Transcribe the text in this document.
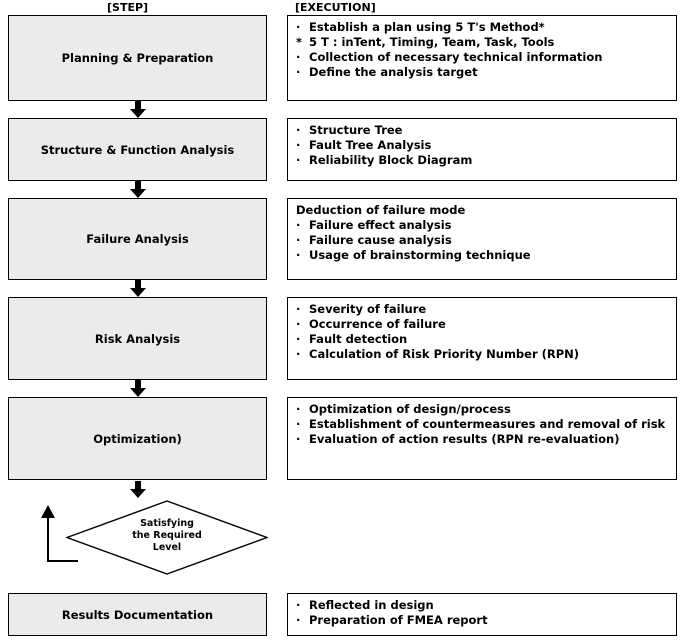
[STEP]	[EXECUTION]
Planning & Preparation
· Establish a plan using 5 T's Method*
* 5 T : inTent, Timing, Team, Task, Tools
· Collection of necessary technical information
· Define the analysis target
Structure & Function Analysis
· Structure Tree
· Fault Tree Analysis
· Reliability Block Diagram
Failure Analysis
Deduction of failure mode
· Failure effect analysis
· Failure cause analysis
· Usage of brainstorming technique
Risk Analysis
· Severity of failure
· Occurrence of failure
· Fault detection
· Calculation of Risk Priority Number (RPN)
Optimization)
· Optimization of design/process
· Establishment of countermeasures and removal of risk
· Evaluation of action results (RPN re-evaluation)
Satisfying
the Required
Level
Results Documentation
· Reflected in design
· Preparation of FMEA report
